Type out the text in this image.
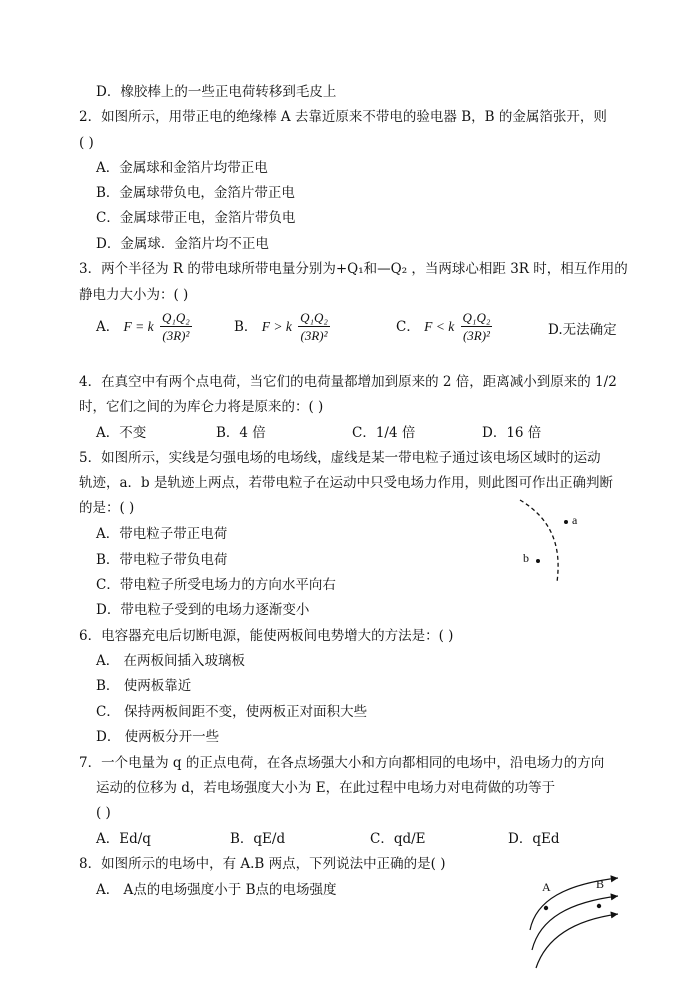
D．橡胶棒上的一些正电荷转移到毛皮上
2．如图所示，用带正电的绝缘棒 A 去靠近原来不带电的验电器 B，B 的金属箔张开，则
( )
A．金属球和金箔片均带正电
B．金属球带负电，金箔片带正电
C．金属球带正电，金箔片带负电
D．金属球．金箔片均不正电
3．两个半径为 R 的带电球所带电量分别为+Q₁和—Q₂ ，当两球心相距 3R 时，相互作用的
静电力大小为：( )
A． F = k $\frac{\text{Q₁Q₂}}{\text{(3R)²}}$	B． F > k $\frac{\text{Q₁Q₂}}{\text{(3R)²}}$	C． F < k $\frac{\text{Q₁Q₂}}{\text{(3R)²}}$	D.无法确定
4．在真空中有两个点电荷，当它们的电荷量都增加到原来的 2 倍，距离减小到原来的 1/2
时，它们之间的为库仑力将是原来的：( )
A．不变	B．4 倍	C．1/4 倍	D．16 倍
5．如图所示，实线是匀强电场的电场线，虚线是某一带电粒子通过该电场区域时的运动
轨迹，a．b 是轨迹上两点，若带电粒子在运动中只受电场力作用，则此图可作出正确判断
的是：( )
A．带电粒子带正电荷
B．带电粒子带负电荷
C．带电粒子所受电场力的方向水平向右
D．带电粒子受到的电场力逐渐变小
a
b
6．电容器充电后切断电源，能使两板间电势增大的方法是：( )
A． 在两板间插入玻璃板
B． 使两板靠近
C． 保持两板间距不变，使两板正对面积大些
D． 使两板分开一些
7．一个电量为 q 的正点电荷，在各点场强大小和方向都相同的电场中，沿电场力的方向
运动的位移为 d，若电场强度大小为 E，在此过程中电场力对电荷做的功等于
( )
A．Ed/q	B．qE/d	C．qd/E	D．qEd
8．如图所示的电场中，有 A.B 两点，下列说法中正确的是( )
A． A点的电场强度小于 B点的电场强度	A	B
